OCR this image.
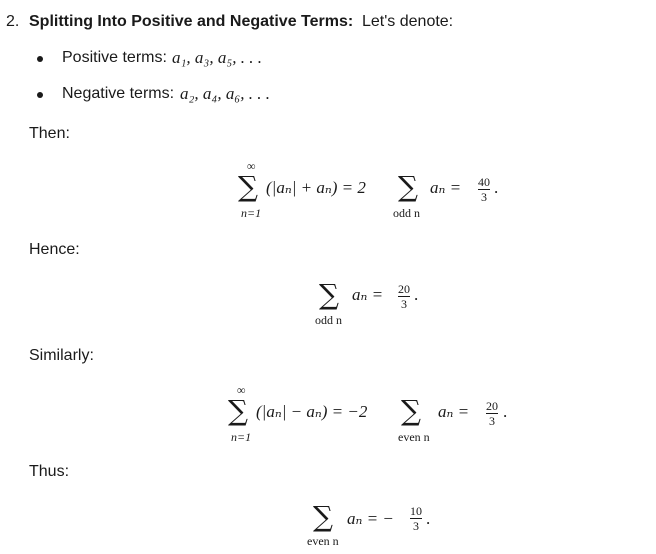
2. Splitting Into Positive and Negative Terms: Let's denote:
Positive terms: a₁, a₃, a₅, . . .
Negative terms: a₂, a₄, a₆, . . .
Then:
Hence:
Similarly:
Thus:
∞
∑
n=1
(|aₙ| + aₙ) = 2 ∑
odd n
aₙ = 40
3 .
∑
odd n
aₙ = 20
3 .
∞
∑
n=1
(|aₙ| − aₙ) = −2 ∑
even n
aₙ = 20
3 .
∑
even n
aₙ = − 10
3 .
